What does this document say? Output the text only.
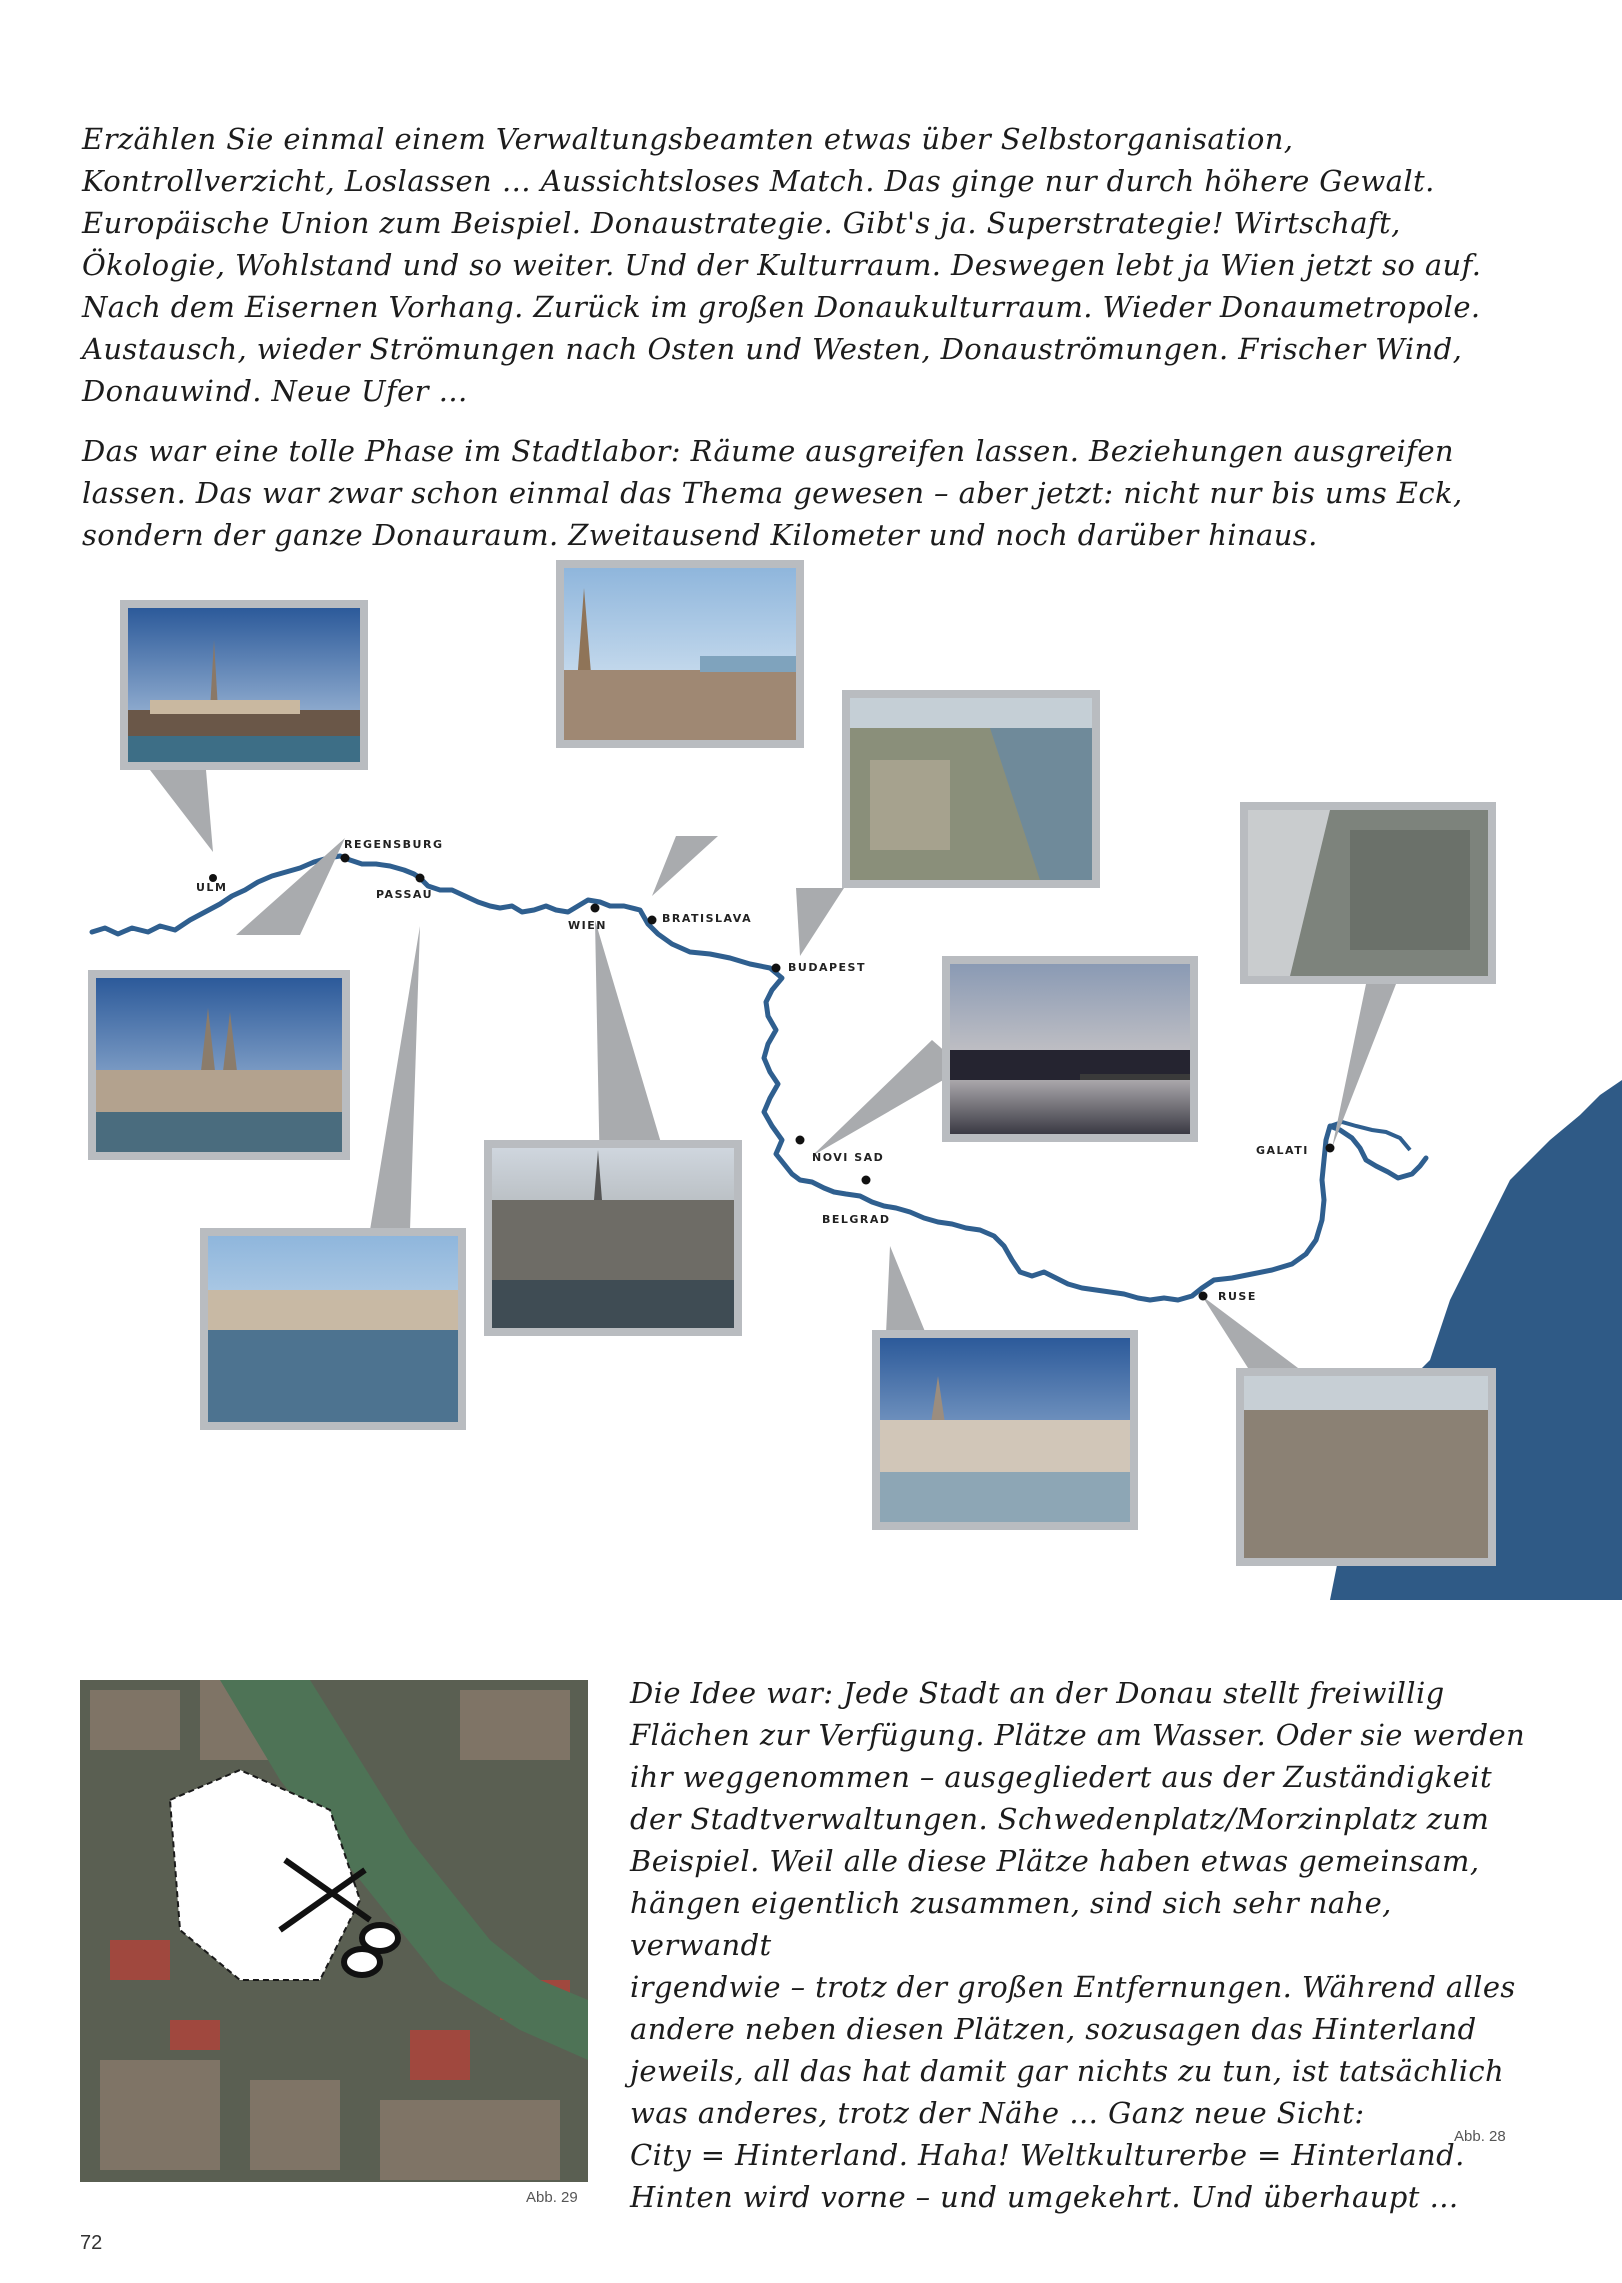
Erzählen Sie einmal einem Verwaltungsbeamten etwas über Selbstorganisation, Kontrollverzicht, Loslassen … Aussichtsloses Match. Das ginge nur durch höhere Gewalt. Europäische Union zum Beispiel. Donaustrategie. Gibt's ja. Superstrategie! Wirtschaft, Ökologie, Wohlstand und so weiter. Und der Kulturraum. Deswegen lebt ja Wien jetzt so auf. Nach dem Eisernen Vorhang. Zurück im großen Donaukulturraum. Wieder Donaumetropole. Austausch, wieder Strömungen nach Osten und Westen, Donauströmungen. Frischer Wind, Donauwind. Neue Ufer …

Das war eine tolle Phase im Stadtlabor: Räume ausgreifen lassen. Beziehungen ausgreifen lassen. Das war zwar schon einmal das Thema gewesen – aber jetzt: nicht nur bis ums Eck, sondern der ganze Donauraum. Zweitausend Kilometer und noch darüber hinaus.

ULM
REGENSBURG
PASSAU
WIEN
BRATISLAVA
BUDAPEST
NOVI SAD
BELGRAD
RUSE
GALATI
Abb. 28
Abb. 29

Die Idee war: Jede Stadt an der Donau stellt freiwillig
Flächen zur Verfügung. Plätze am Wasser. Oder sie werden
ihr weggenommen – ausgegliedert aus der Zuständigkeit
der Stadtverwaltungen. Schwedenplatz/Morzinplatz zum
Beispiel. Weil alle diese Plätze haben etwas gemeinsam,
hängen eigentlich zusammen, sind sich sehr nahe, verwandt
irgendwie – trotz der großen Entfernungen. Während alles
andere neben diesen Plätzen, sozusagen das Hinterland
jeweils, all das hat damit gar nichts zu tun, ist tatsächlich
was anderes, trotz der Nähe … Ganz neue Sicht:
City = Hinterland. Haha! Weltkulturerbe = Hinterland.
Hinten wird vorne – und umgekehrt. Und überhaupt …

72
